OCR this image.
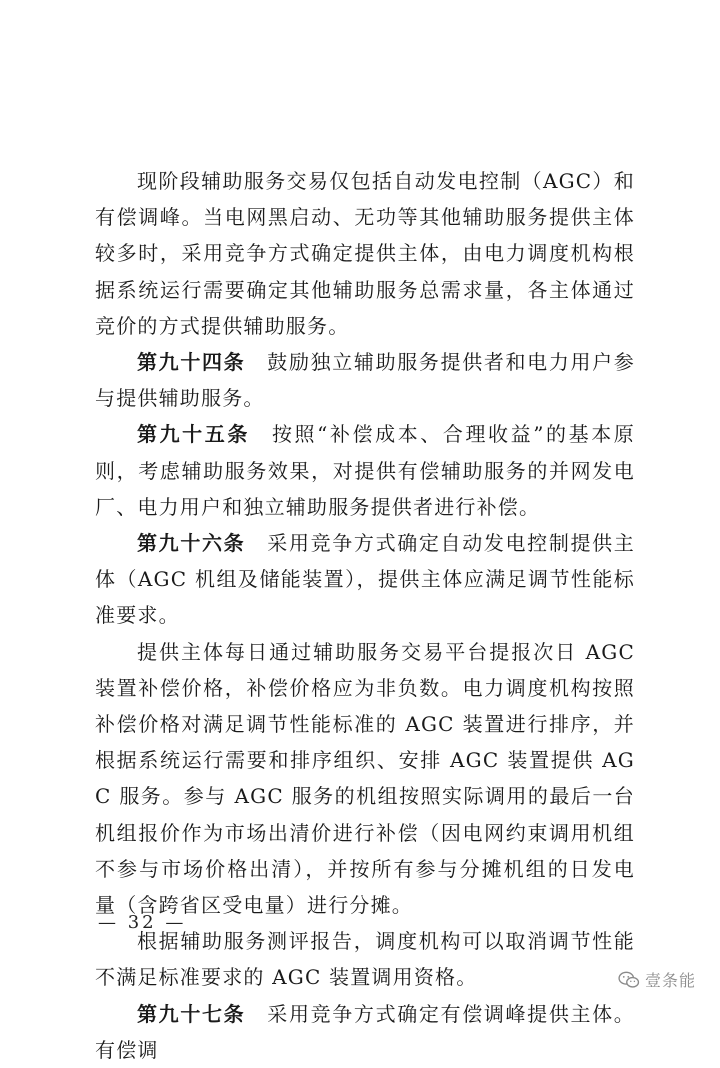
现阶段辅助服务交易仅包括自动发电控制（AGC）和有偿调峰。当电网黑启动、无功等其他辅助服务提供主体较多时，采用竞争方式确定提供主体，由电力调度机构根据系统运行需要确定其他辅助服务总需求量，各主体通过竞价的方式提供辅助服务。

第九十四条 鼓励独立辅助服务提供者和电力用户参与提供辅助服务。

第九十五条 按照“补偿成本、合理收益”的基本原则，考虑辅助服务效果，对提供有偿辅助服务的并网发电厂、电力用户和独立辅助服务提供者进行补偿。

第九十六条 采用竞争方式确定自动发电控制提供主体（AGC 机组及储能装置），提供主体应满足调节性能标准要求。

提供主体每日通过辅助服务交易平台提报次日 AGC 装置补偿价格，补偿价格应为非负数。电力调度机构按照补偿价格对满足调节性能标准的 AGC 装置进行排序，并根据系统运行需要和排序组织、安排 AGC 装置提供 AGC 服务。参与 AGC 服务的机组按照实际调用的最后一台机组报价作为市场出清价进行补偿（因电网约束调用机组不参与市场价格出清），并按所有参与分摊机组的日发电量（含跨省区受电量）进行分摊。

根据辅助服务测评报告，调度机构可以取消调节性能不满足标准要求的 AGC 装置调用资格。

第九十七条 采用竞争方式确定有偿调峰提供主体。有偿调

— 32 —
壹条能
